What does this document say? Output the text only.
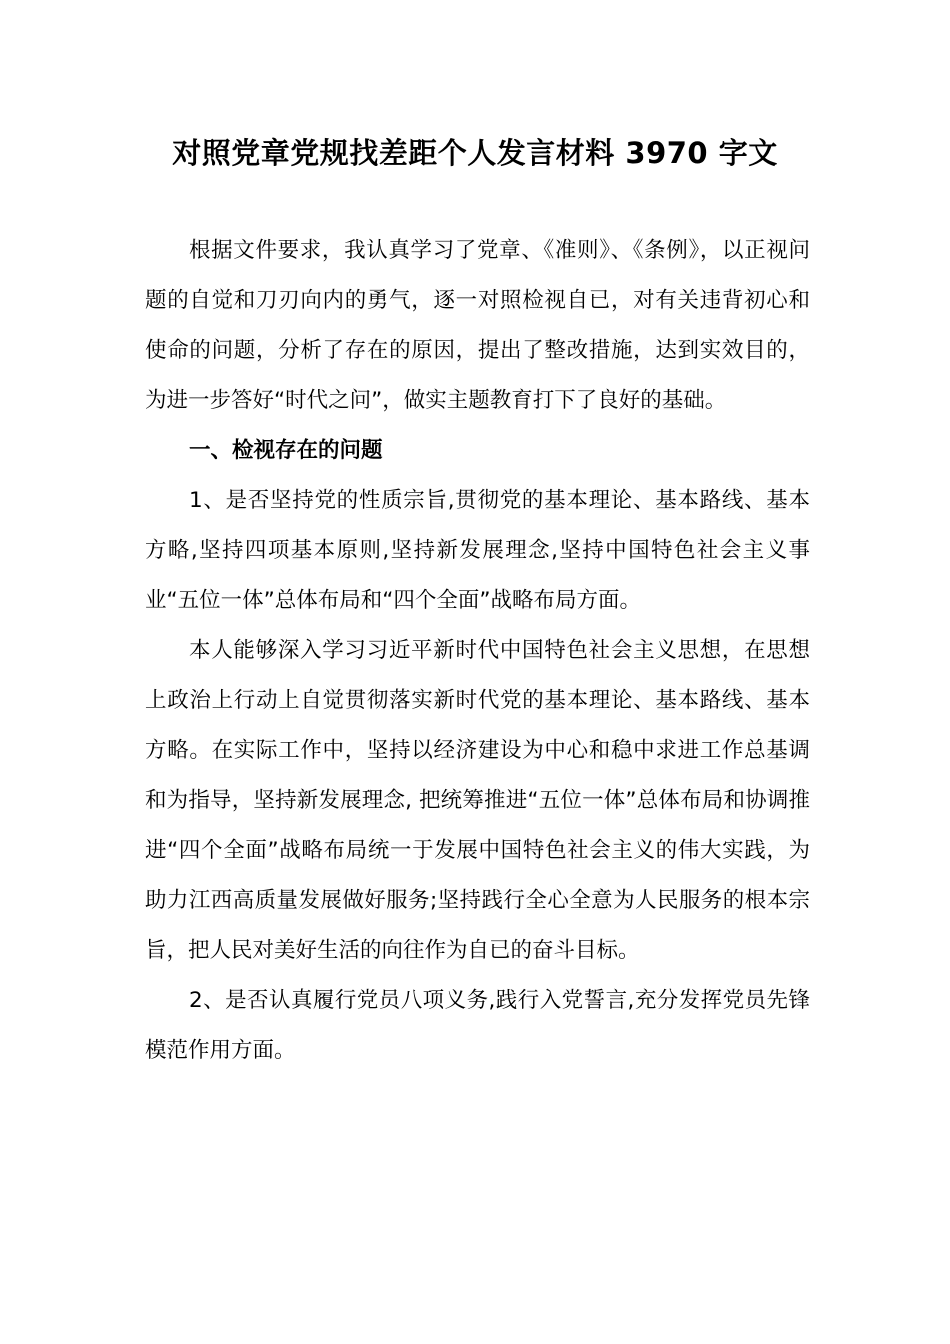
对照党章党规找差距个人发言材料 3970 字文

根据文件要求，我认真学习了党章、《准则》、《条例》，以正视问题的自觉和刀刃向内的勇气，逐一对照检视自已，对有关违背初心和使命的问题，分析了存在的原因，提出了整改措施，达到实效目的，为进一步答好“时代之问”，做实主题教育打下了良好的基础。

一、检视存在的问题

1、是否坚持党的性质宗旨,贯彻党的基本理论、基本路线、基本方略,坚持四项基本原则,坚持新发展理念,坚持中国特色社会主义事业“五位一体”总体布局和“四个全面”战略布局方面。

本人能够深入学习习近平新时代中国特色社会主义思想，在思想上政治上行动上自觉贯彻落实新时代党的基本理论、基本路线、基本方略。在实际工作中，坚持以经济建设为中心和稳中求进工作总基调和为指导，坚持新发展理念, 把统筹推进“五位一体”总体布局和协调推进“四个全面”战略布局统一于发展中国特色社会主义的伟大实践，为助力江西高质量发展做好服务;坚持践行全心全意为人民服务的根本宗旨，把人民对美好生活的向往作为自已的奋斗目标。

2、是否认真履行党员八项义务,践行入党誓言,充分发挥党员先锋模范作用方面。
